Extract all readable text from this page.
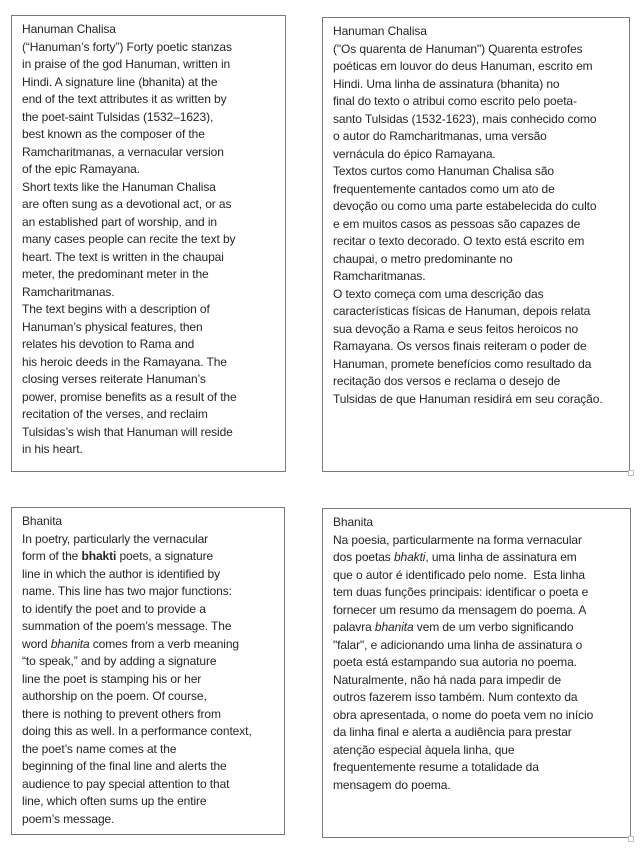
Hanuman Chalisa
(“Hanuman’s forty”) Forty poetic stanzas
in praise of the god Hanuman, written in
Hindi. A signature line (bhanita) at the
end of the text attributes it as written by
the poet-saint Tulsidas (1532–1623),
best known as the composer of the
Ramcharitmanas, a vernacular version
of the epic Ramayana.
Short texts like the Hanuman Chalisa
are often sung as a devotional act, or as
an established part of worship, and in
many cases people can recite the text by
heart. The text is written in the chaupai
meter, the predominant meter in the
Ramcharitmanas.
The text begins with a description of
Hanuman’s physical features, then
relates his devotion to Rama and
his heroic deeds in the Ramayana. The
closing verses reiterate Hanuman’s
power, promise benefits as a result of the
recitation of the verses, and reclaim
Tulsidas’s wish that Hanuman will reside
in his heart.
Hanuman Chalisa
("Os quarenta de Hanuman") Quarenta estrofes
poéticas em louvor do deus Hanuman, escrito em
Hindi. Uma linha de assinatura (bhanita) no
final do texto o atribui como escrito pelo poeta-
santo Tulsidas (1532-1623), mais conhecido como
o autor do Ramcharitmanas, uma versão
vernácula do épico Ramayana.
Textos curtos como Hanuman Chalisa são
frequentemente cantados como um ato de
devoção ou como uma parte estabelecida do culto
e em muitos casos as pessoas são capazes de
recitar o texto decorado. O texto está escrito em
chaupai, o metro predominante no
Ramcharitmanas.
O texto começa com uma descrição das
características físicas de Hanuman, depois relata
sua devoção a Rama e seus feitos heroicos no
Ramayana. Os versos finais reiteram o poder de
Hanuman, promete benefícios como resultado da
recitação dos versos e reclama o desejo de
Tulsidas de que Hanuman residirá em seu coração.
Bhanita
In poetry, particularly the vernacular
form of the bhakti poets, a signature
line in which the author is identified by
name. This line has two major functions:
to identify the poet and to provide a
summation of the poem’s message. The
word bhanita comes from a verb meaning
“to speak,” and by adding a signature
line the poet is stamping his or her
authorship on the poem. Of course,
there is nothing to prevent others from
doing this as well. In a performance context,
the poet’s name comes at the
beginning of the final line and alerts the
audience to pay special attention to that
line, which often sums up the entire
poem’s message.
Bhanita
Na poesia, particularmente na forma vernacular
dos poetas bhakti, uma linha de assinatura em
que o autor é identificado pelo nome.  Esta linha
tem duas funções principais: identificar o poeta e
fornecer um resumo da mensagem do poema. A
palavra bhanita vem de um verbo significando
"falar", e adicionando uma linha de assinatura o
poeta está estampando sua autoria no poema.
Naturalmente, não há nada para impedir de
outros fazerem isso também. Num contexto da
obra apresentada, o nome do poeta vem no início
da linha final e alerta a audiência para prestar
atenção especial àquela linha, que
frequentemente resume a totalidade da
mensagem do poema.
